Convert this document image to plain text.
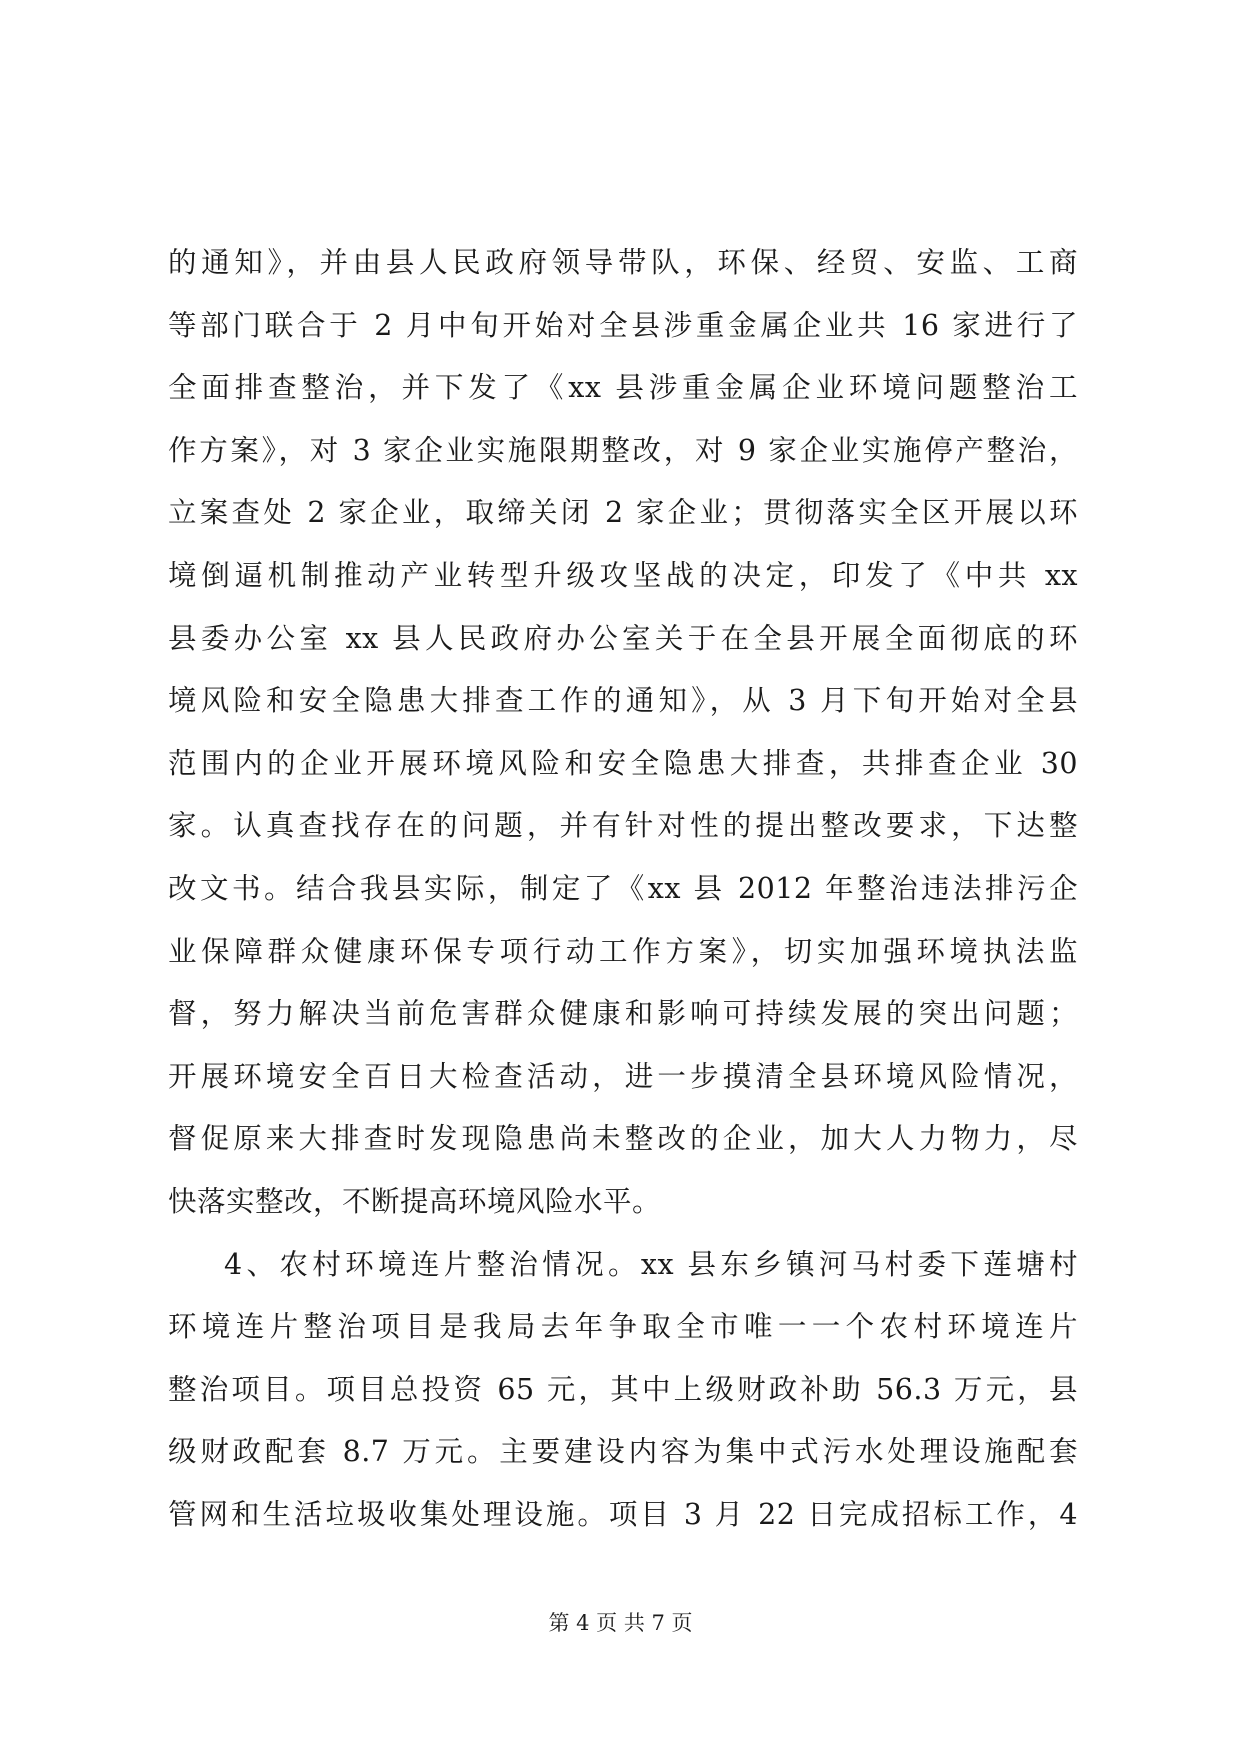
的通知》，并由县人民政府领导带队，环保、经贸、安监、工商
等部门联合于 2 月中旬开始对全县涉重金属企业共 16 家进行了
全面排查整治，并下发了《xx 县涉重金属企业环境问题整治工
作方案》，对 3 家企业实施限期整改，对 9 家企业实施停产整治，
立案查处 2 家企业，取缔关闭 2 家企业；贯彻落实全区开展以环
境倒逼机制推动产业转型升级攻坚战的决定，印发了《中共 xx
县委办公室 xx 县人民政府办公室关于在全县开展全面彻底的环
境风险和安全隐患大排查工作的通知》，从 3 月下旬开始对全县
范围内的企业开展环境风险和安全隐患大排查，共排查企业 30
家。认真查找存在的问题，并有针对性的提出整改要求，下达整
改文书。结合我县实际，制定了《xx 县 2012 年整治违法排污企
业保障群众健康环保专项行动工作方案》，切实加强环境执法监
督，努力解决当前危害群众健康和影响可持续发展的突出问题；
开展环境安全百日大检查活动，进一步摸清全县环境风险情况，
督促原来大排查时发现隐患尚未整改的企业，加大人力物力，尽
快落实整改，不断提高环境风险水平。
4、农村环境连片整治情况。xx 县东乡镇河马村委下莲塘村
环境连片整治项目是我局去年争取全市唯一一个农村环境连片
整治项目。项目总投资 65 元，其中上级财政补助 56.3 万元，县
级财政配套 8.7 万元。主要建设内容为集中式污水处理设施配套
管网和生活垃圾收集处理设施。项目 3 月 22 日完成招标工作，4
第 4 页 共 7 页
